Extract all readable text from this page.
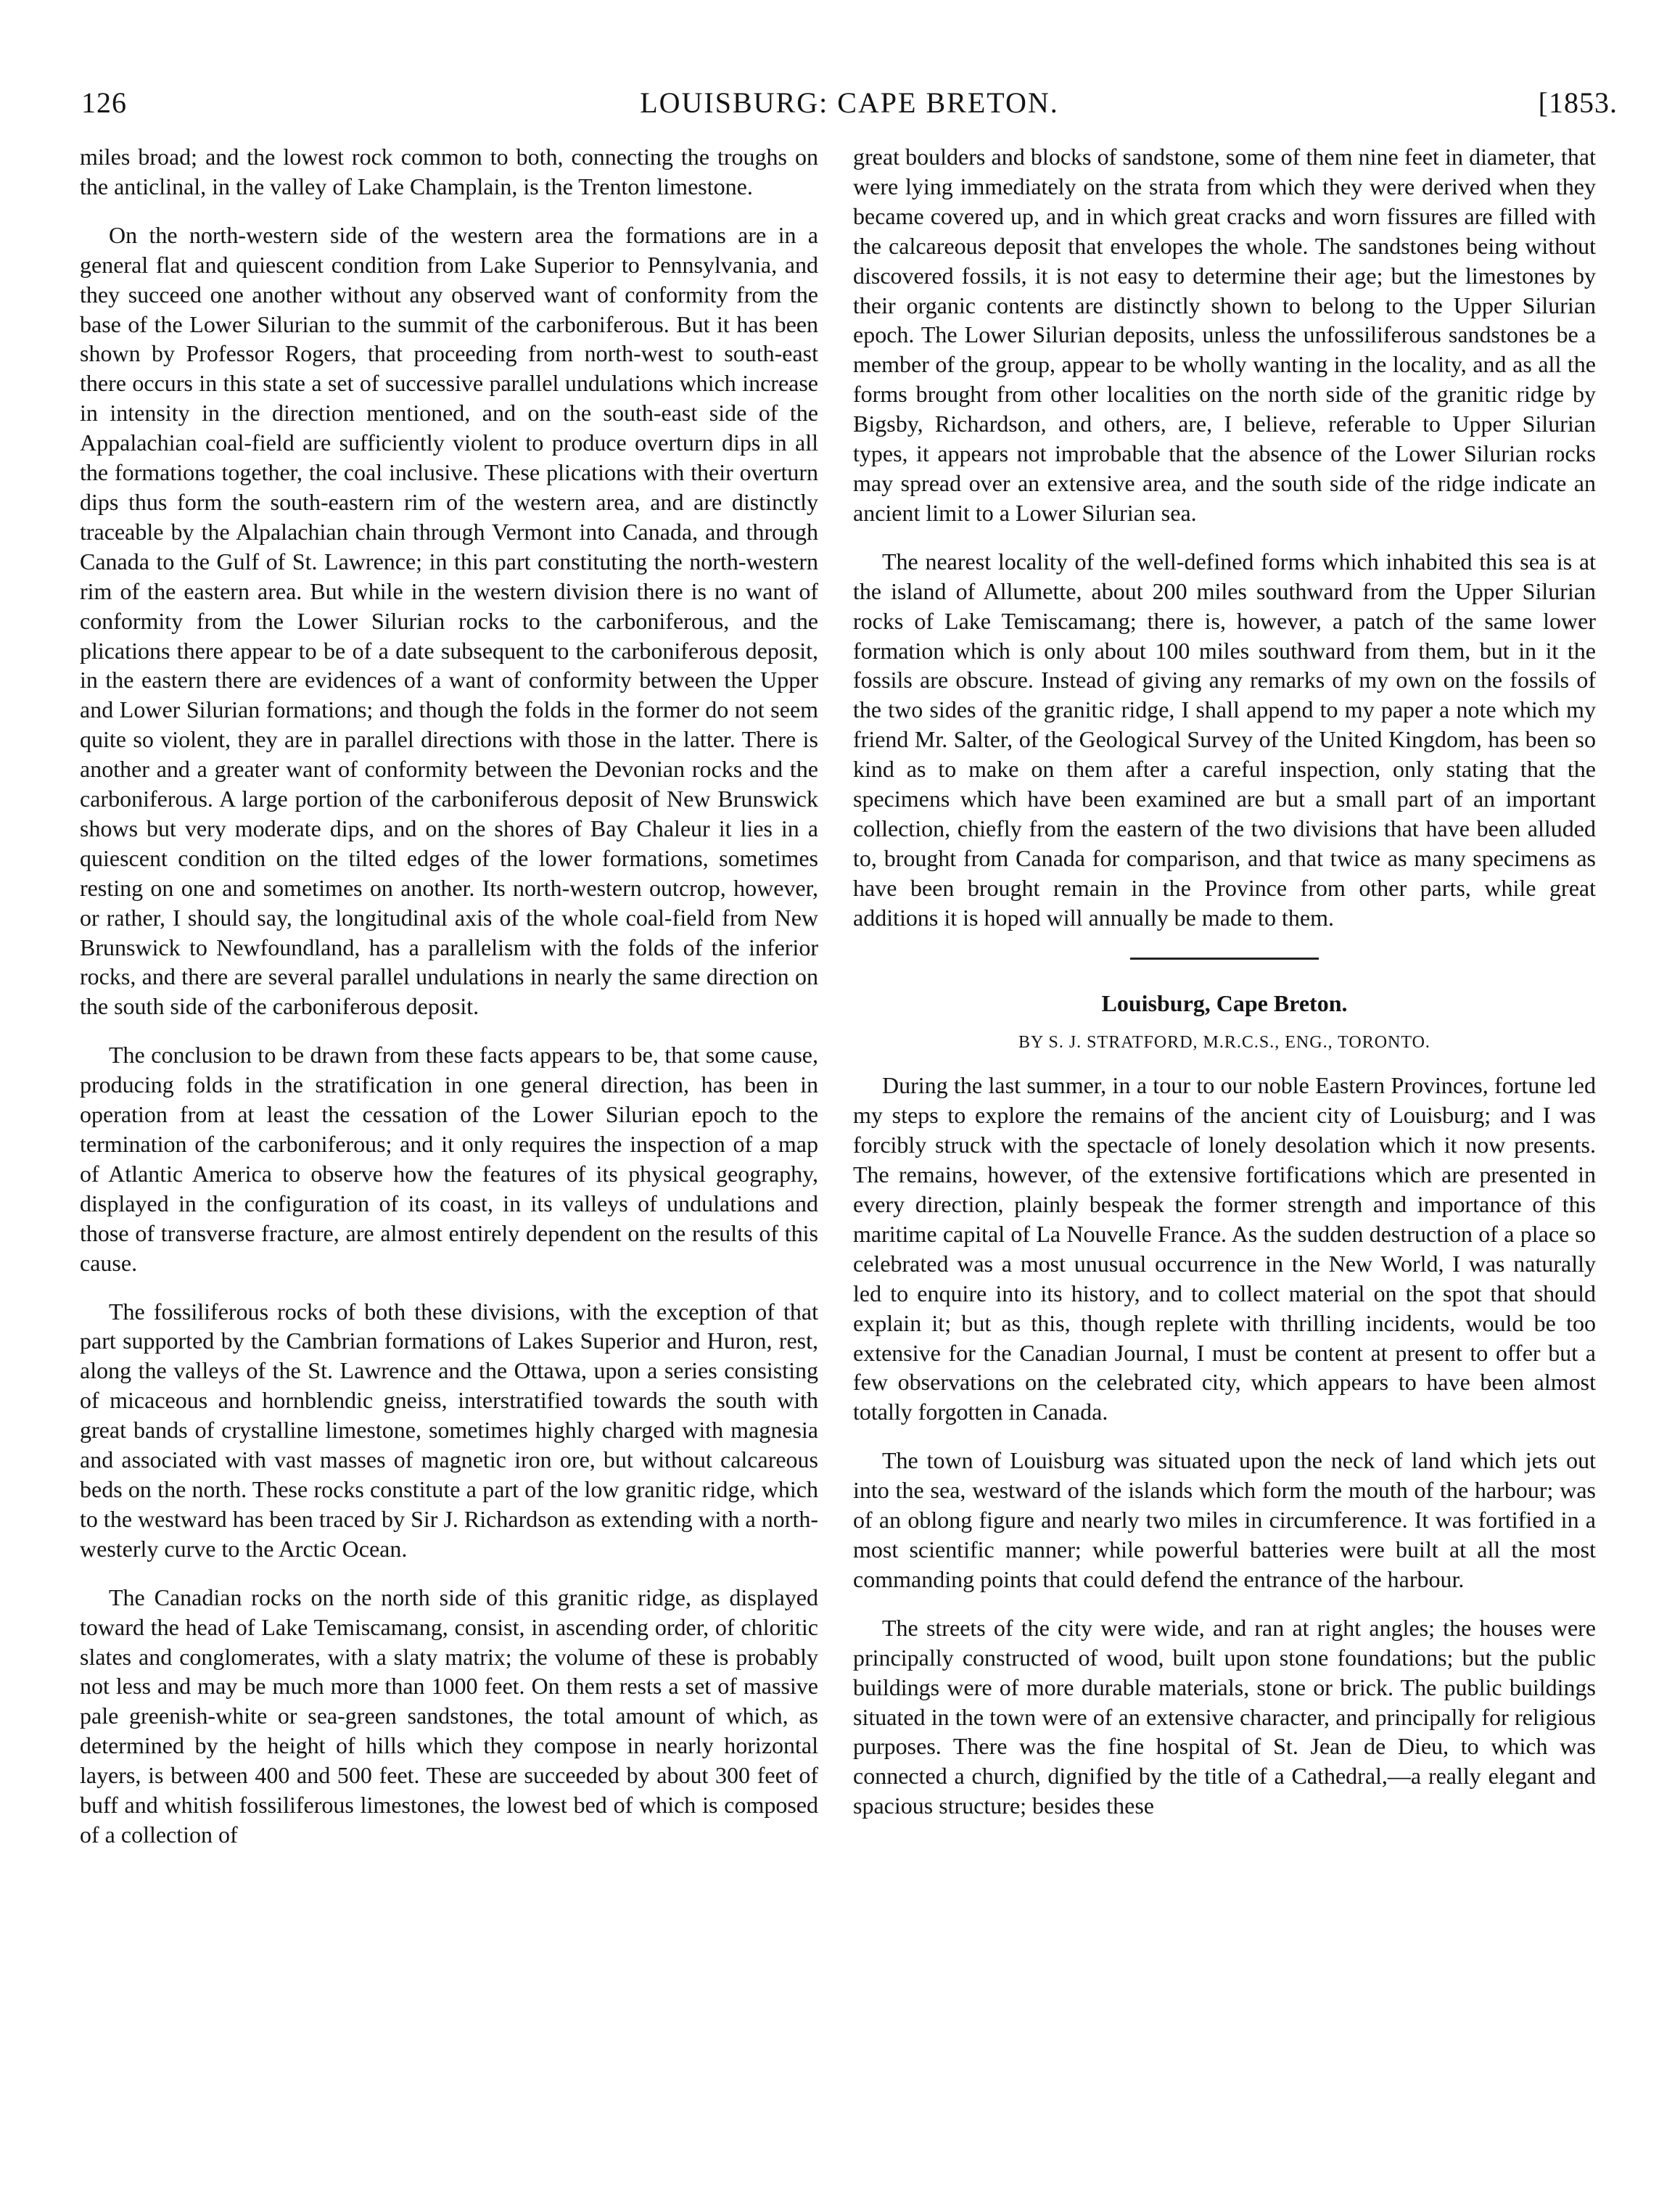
126	LOUISBURG: CAPE BRETON.	[1853.

miles broad; and the lowest rock common to both, connecting the troughs on the anticlinal, in the valley of Lake Champlain, is the Trenton limestone.

On the north-western side of the western area the formations are in a general flat and quiescent condition from Lake Superior to Pennsylvania, and they succeed one another without any observed want of conformity from the base of the Lower Silurian to the summit of the carboniferous. But it has been shown by Professor Rogers, that proceeding from north-west to south-east there occurs in this state a set of successive parallel undulations which increase in intensity in the direction mentioned, and on the south-east side of the Appalachian coal-field are sufficiently violent to produce overturn dips in all the formations together, the coal inclusive. These plications with their overturn dips thus form the south-eastern rim of the western area, and are distinctly traceable by the Alpalachian chain through Vermont into Canada, and through Canada to the Gulf of St. Lawrence; in this part constituting the north-western rim of the eastern area. But while in the western division there is no want of conformity from the Lower Silurian rocks to the carboniferous, and the plications there appear to be of a date subsequent to the carboniferous deposit, in the eastern there are evidences of a want of conformity between the Upper and Lower Silurian formations; and though the folds in the former do not seem quite so violent, they are in parallel directions with those in the latter. There is another and a greater want of conformity between the Devonian rocks and the carboniferous. A large portion of the carboniferous deposit of New Brunswick shows but very moderate dips, and on the shores of Bay Chaleur it lies in a quiescent condition on the tilted edges of the lower formations, sometimes resting on one and sometimes on another. Its north-western outcrop, however, or rather, I should say, the longitudinal axis of the whole coal-field from New Brunswick to Newfoundland, has a parallelism with the folds of the inferior rocks, and there are several parallel undulations in nearly the same direction on the south side of the carboniferous deposit.

The conclusion to be drawn from these facts appears to be, that some cause, producing folds in the stratification in one general direction, has been in operation from at least the cessation of the Lower Silurian epoch to the termination of the carboniferous; and it only requires the inspection of a map of Atlantic America to observe how the features of its physical geography, displayed in the configuration of its coast, in its valleys of undulations and those of transverse fracture, are almost entirely dependent on the results of this cause.

The fossiliferous rocks of both these divisions, with the exception of that part supported by the Cambrian formations of Lakes Superior and Huron, rest, along the valleys of the St. Lawrence and the Ottawa, upon a series consisting of micaceous and hornblendic gneiss, interstratified towards the south with great bands of crystalline limestone, sometimes highly charged with magnesia and associated with vast masses of magnetic iron ore, but without calcareous beds on the north. These rocks constitute a part of the low granitic ridge, which to the westward has been traced by Sir J. Richardson as extending with a north-westerly curve to the Arctic Ocean.

The Canadian rocks on the north side of this granitic ridge, as displayed toward the head of Lake Temiscamang, consist, in ascending order, of chloritic slates and conglomerates, with a slaty matrix; the volume of these is probably not less and may be much more than 1000 feet. On them rests a set of massive pale greenish-white or sea-green sandstones, the total amount of which, as determined by the height of hills which they compose in nearly horizontal layers, is between 400 and 500 feet. These are succeeded by about 300 feet of buff and whitish fossiliferous limestones, the lowest bed of which is composed of a collection of

great boulders and blocks of sandstone, some of them nine feet in diameter, that were lying immediately on the strata from which they were derived when they became covered up, and in which great cracks and worn fissures are filled with the calcareous deposit that envelopes the whole. The sandstones being without discovered fossils, it is not easy to determine their age; but the limestones by their organic contents are distinctly shown to belong to the Upper Silurian epoch. The Lower Silurian deposits, unless the unfossiliferous sandstones be a member of the group, appear to be wholly wanting in the locality, and as all the forms brought from other localities on the north side of the granitic ridge by Bigsby, Richardson, and others, are, I believe, referable to Upper Silurian types, it appears not improbable that the absence of the Lower Silurian rocks may spread over an extensive area, and the south side of the ridge indicate an ancient limit to a Lower Silurian sea.

The nearest locality of the well-defined forms which inhabited this sea is at the island of Allumette, about 200 miles southward from the Upper Silurian rocks of Lake Temiscamang; there is, however, a patch of the same lower formation which is only about 100 miles southward from them, but in it the fossils are obscure. Instead of giving any remarks of my own on the fossils of the two sides of the granitic ridge, I shall append to my paper a note which my friend Mr. Salter, of the Geological Survey of the United Kingdom, has been so kind as to make on them after a careful inspection, only stating that the specimens which have been examined are but a small part of an important collection, chiefly from the eastern of the two divisions that have been alluded to, brought from Canada for comparison, and that twice as many specimens as have been brought remain in the Province from other parts, while great additions it is hoped will annually be made to them.

Louisburg, Cape Breton.
BY S. J. STRATFORD, M.R.C.S., ENG., TORONTO.

During the last summer, in a tour to our noble Eastern Provinces, fortune led my steps to explore the remains of the ancient city of Louisburg; and I was forcibly struck with the spectacle of lonely desolation which it now presents. The remains, however, of the extensive fortifications which are presented in every direction, plainly bespeak the former strength and importance of this maritime capital of La Nouvelle France. As the sudden destruction of a place so celebrated was a most unusual occurrence in the New World, I was naturally led to enquire into its history, and to collect material on the spot that should explain it; but as this, though replete with thrilling incidents, would be too extensive for the Canadian Journal, I must be content at present to offer but a few observations on the celebrated city, which appears to have been almost totally forgotten in Canada.

The town of Louisburg was situated upon the neck of land which jets out into the sea, westward of the islands which form the mouth of the harbour; was of an oblong figure and nearly two miles in circumference. It was fortified in a most scientific manner; while powerful batteries were built at all the most commanding points that could defend the entrance of the harbour.

The streets of the city were wide, and ran at right angles; the houses were principally constructed of wood, built upon stone foundations; but the public buildings were of more durable materials, stone or brick. The public buildings situated in the town were of an extensive character, and principally for religious purposes. There was the fine hospital of St. Jean de Dieu, to which was connected a church, dignified by the title of a Cathedral,—a really elegant and spacious structure; besides these
